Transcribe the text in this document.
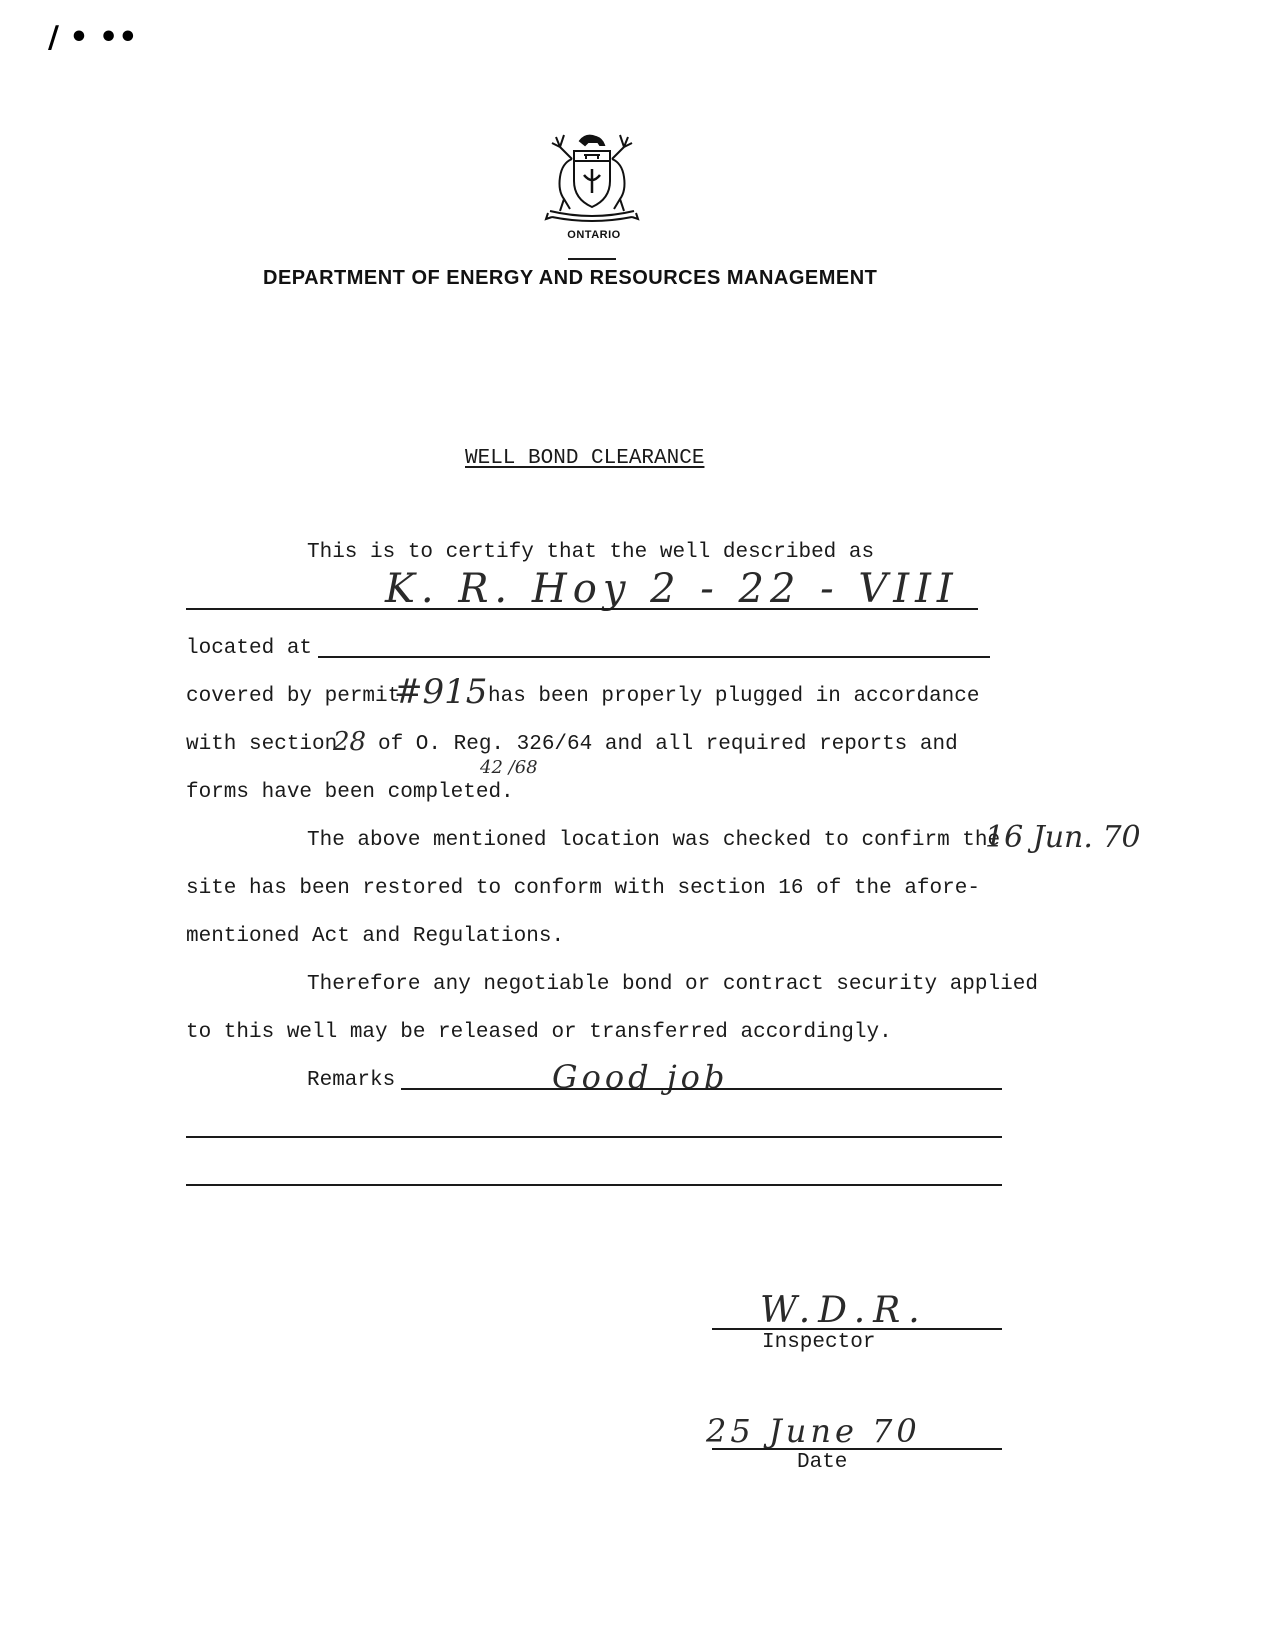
/ • ••
ONTARIO
DEPARTMENT OF ENERGY AND RESOURCES MANAGEMENT
WELL BOND CLEARANCE
This is to certify that the well described as
K. R. Hoy 2 - 22 - VIII
located at
covered by permit
#915 has been properly plugged in accordance
with section
28 of O. Reg. 326/64 and all required reports and
42 /68
forms have been completed.
The above mentioned location was checked to confirm the
16 Jun. 70
site has been restored to conform with section 16 of the afore-
mentioned Act and Regulations.
Therefore any negotiable bond or contract security applied
to this well may be released or transferred accordingly.
Remarks	Good job
W.D.R.
Inspector
25 June 70
Date
